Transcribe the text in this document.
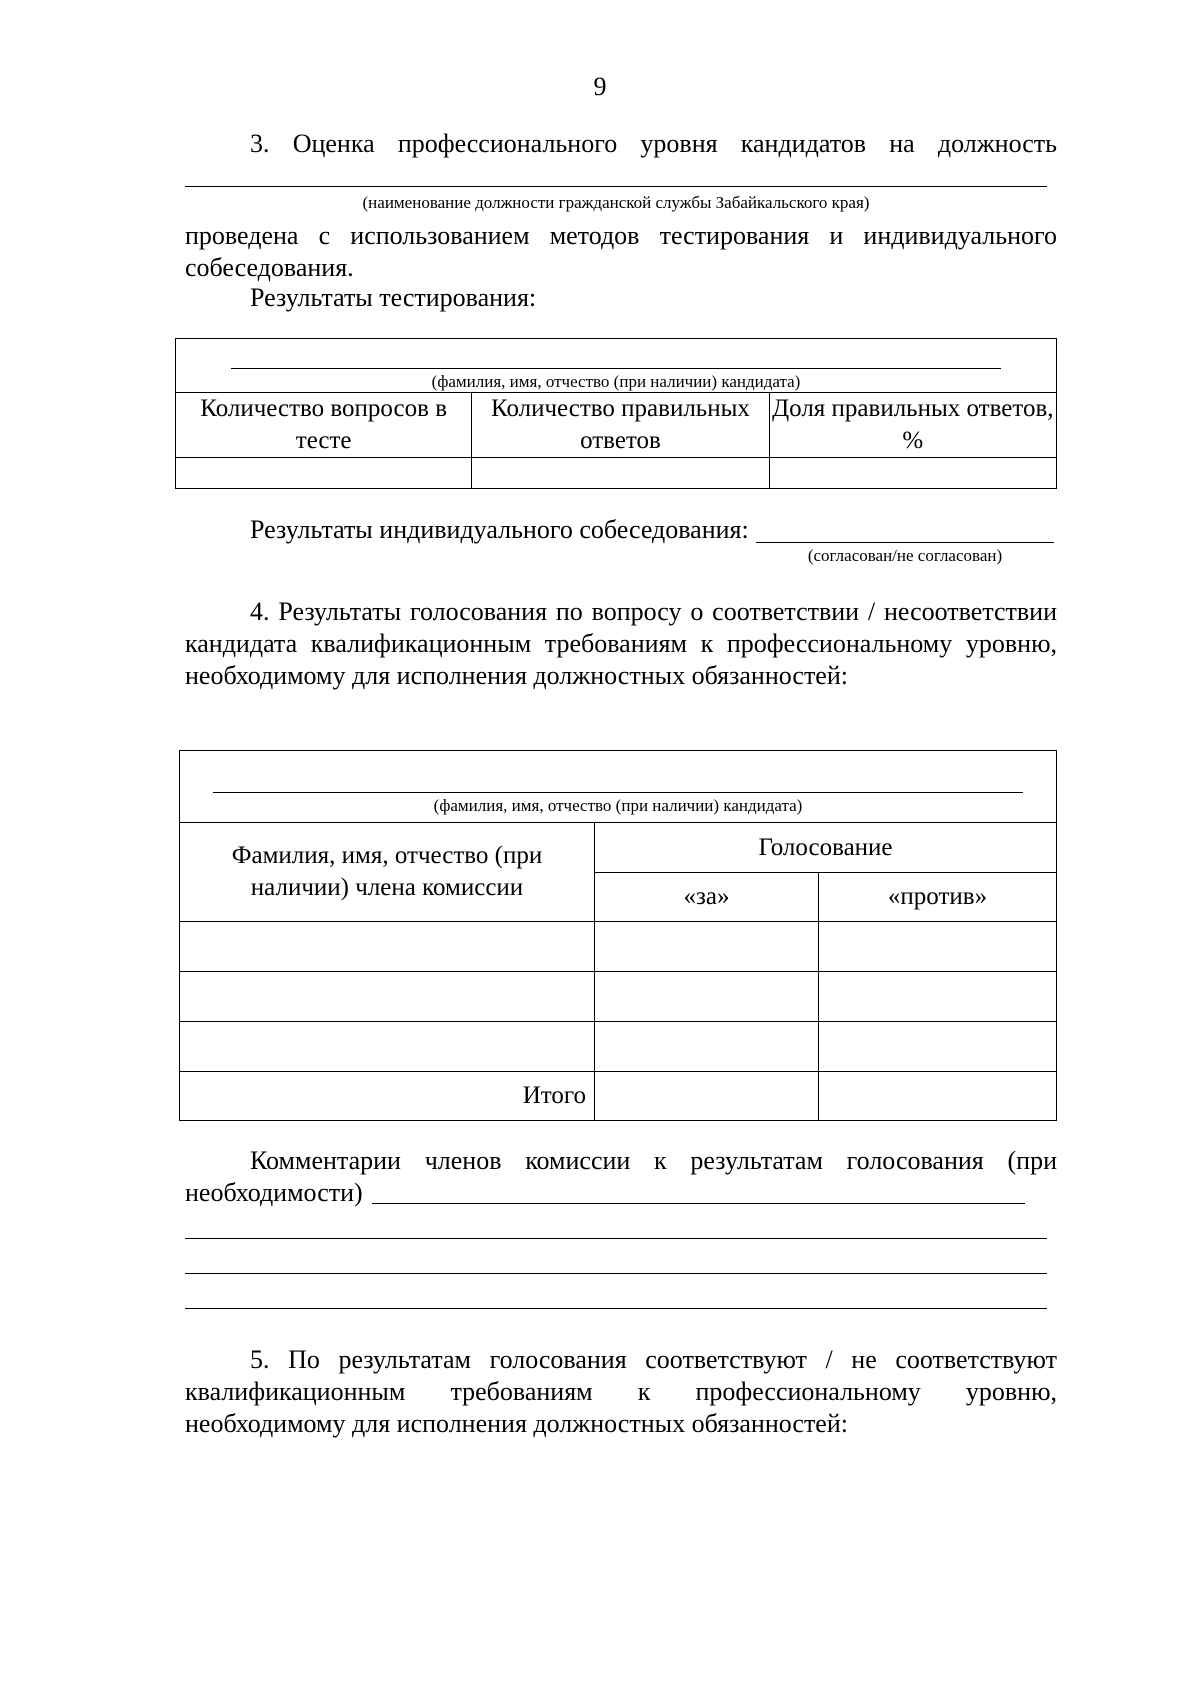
9
3. Оценка профессионального уровня кандидатов на должность
(наименование должности гражданской службы Забайкальского края)
проведена с использованием методов тестирования и индивидуального собеседования.
Результаты тестирования:
(фамилия, имя, отчество (при наличии) кандидата)		

Количество вопросов в тесте	Количество правильных ответов	Доля правильных ответов, %

Результаты индивидуального собеседования:
(согласован/не согласован)
4. Результаты голосования по вопросу о соответствии / несоответствии кандидата квалификационным требованиям к профессиональному уровню, необходимому для исполнения должностных обязанностей:
(фамилия, имя, отчество (при наличии) кандидата)		

Фамилия, имя, отчество (при наличии) члена комиссии	Голосование	
	«за»	«против»

Итого		
Комментарии членов комиссии к результатам голосования (при
необходимости)
5. По результатам голосования соответствуют / не соответствуют квалификационным требованиям к профессиональному уровню, необходимому для исполнения должностных обязанностей:
